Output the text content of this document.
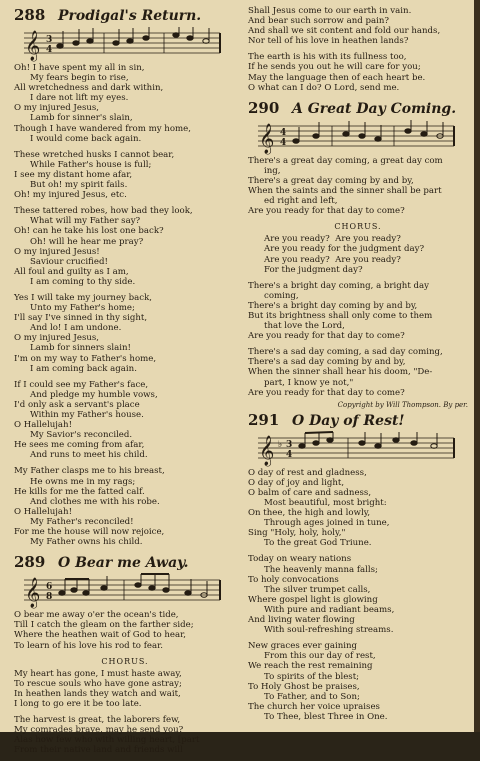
288 Prodigal's Return.
𝄞 3
4
Oh! I have spent my all in sin,
My fears begin to rise,
All wretchedness and dark within,
I dare not lift my eyes.
O my injured Jesus,
Lamb for sinner's slain,
Though I have wandered from my home,
I would come back again.
These wretched husks I cannot bear,
While Father's house is full;
I see my distant home afar,
But oh! my spirit fails.
Oh! my injured Jesus, etc.
These tattered robes, how bad they look,
What will my Father say?
Oh! can he take his lost one back?
Oh! will he hear me pray?
O my injured Jesus!
Saviour crucified!
All foul and guilty as I am,
I am coming to thy side.
Yes I will take my journey back,
Unto my Father's home;
I'll say I've sinned in thy sight,
And lo! I am undone.
O my injured Jesus,
Lamb for sinners slain!
I'm on my way to Father's home,
I am coming back again.
If I could see my Father's face,
And pledge my humble vows,
I'd only ask a servant's place
Within my Father's house.
O Hallelujah!
My Savior's reconciled.
He sees me coming from afar,
And runs to meet his child.
My Father clasps me to his breast,
He owns me in my rags;
He kills for me the fatted calf.
And clothes me with his robe.
O Hallelujah!
My Father's reconciled!
For me the house will now rejoice,
My Father owns his child.
289 O Bear me Away.
𝄞 6
8
O bear me away o'er the ocean's tide,
Till I catch the gleam on the farther side;
Where the heathen wait of God to hear,
To learn of his love his rod to fear.
CHORUS.
My heart has gone, I must haste away,
To rescue souls who have gone astray;
In heathen lands they watch and wait,
I long to go ere it be too late.
The harvest is great, the laborers few,
My comrades brave, may he send you?
Alas how few who with willing heart, [part
From their native land and friends will
Shall Jesus come to our earth in vain.
And bear such sorrow and pain?
And shall we sit content and fold our hands,
Nor tell of his love in heathen lands?
The earth is his with its fullness too,
If he sends you out he will care for you;
May the language then of each heart be.
O what can I do? O Lord, send me.
290 A Great Day Coming.
𝄞 4
4
There's a great day coming, a great day com
ing,
There's a great day coming by and by,
When the saints and the sinner shall be part
ed right and left,
Are you ready for that day to come?
CHORUS.
Are you ready?  Are you ready?
Are you ready for the judgment day?
Are you ready?  Are you ready?
For the judgment day?
There's a bright day coming, a bright day
coming,
There's a bright day coming by and by,
But its brightness shall only come to them
that love the Lord,
Are you ready for that day to come?
There's a sad day coming, a sad day coming,
There's a sad day coming by and by,
When the sinner shall hear his doom, "De-
part, I know ye not,"
Are you ready for that day to come?
Copyright by Will Thompson. By per.
291 O Day of Rest!
𝄞 ♭ 3
4
O day of rest and gladness,
O day of joy and light,
O balm of care and sadness,
Most beautiful, most bright:
On thee, the high and lowly,
Through ages joined in tune,
Sing "Holy, holy, holy,"
To the great God Triune.
Today on weary nations
The heavenly manna falls;
To holy convocations
The silver trumpet calls,
Where gospel light is glowing
With pure and radiant beams,
And living water flowing
With soul-refreshing streams.
New graces ever gaining
From this our day of rest,
We reach the rest remaining
To spirits of the blest;
To Holy Ghost be praises,
To Father, and to Son;
The church her voice upraises
To Thee, blest Three in One.
